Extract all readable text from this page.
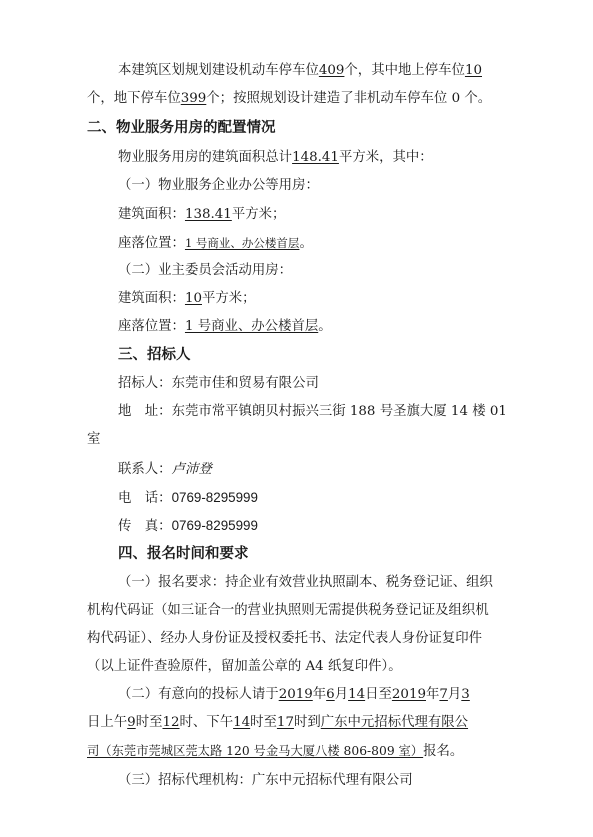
本建筑区划规划建设机动车停车位409个，其中地上停车位10
个，地下停车位399个；按照规划设计建造了非机动车停车位 0 个。
二、物业服务用房的配置情况
物业服务用房的建筑面积总计148.41平方米，其中：
（一）物业服务企业办公等用房：
建筑面积：138.41平方米；
座落位置：1 号商业、办公楼首层。
（二）业主委员会活动用房：
建筑面积：10平方米；
座落位置：1 号商业、办公楼首层。
三、招标人
招标人：东莞市佳和贸易有限公司
地　址：东莞市常平镇朗贝村振兴三街 188 号圣旗大厦 14 楼 01
室
联系人：卢沛登
电　话：0769-8295999
传　真：0769-8295999
四、报名时间和要求
（一）报名要求：持企业有效营业执照副本、税务登记证、组织
机构代码证（如三证合一的营业执照则无需提供税务登记证及组织机
构代码证）、经办人身份证及授权委托书、法定代表人身份证复印件
（以上证件查验原件，留加盖公章的 A4 纸复印件）。
（二）有意向的投标人请于2019年6月14日至2019年7月3
日上午9时至12时、下午14时至17时到广东中元招标代理有限公
司（东莞市莞城区莞太路 120 号金马大厦八楼 806-809 室）报名。
（三）招标代理机构：广东中元招标代理有限公司
